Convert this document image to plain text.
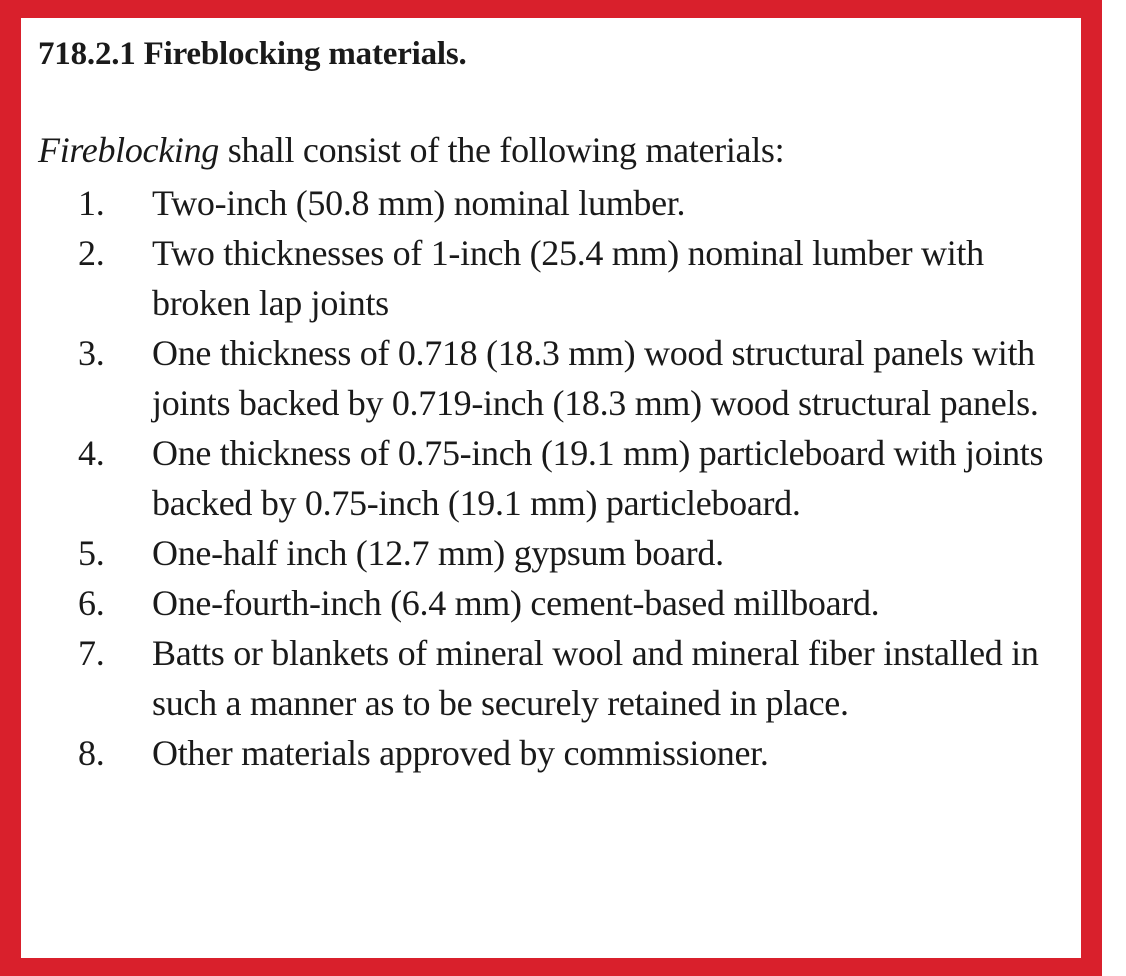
718.2.1 Fireblocking materials.

Fireblocking shall consist of the following materials:

1.	Two-inch (50.8 mm) nominal lumber.
2.	Two thicknesses of 1-inch (25.4 mm) nominal lumber with broken lap joints
3.	One thickness of 0.718 (18.3 mm) wood structural panels with joints backed by 0.719-inch (18.3 mm) wood structural panels.
4.	One thickness of 0.75-inch (19.1 mm) particleboard with joints backed by 0.75-inch (19.1 mm) particleboard.
5.	One-half inch (12.7 mm) gypsum board.
6.	One-fourth-inch (6.4 mm) cement-based millboard.
7.	Batts or blankets of mineral wool and mineral fiber installed in such a manner as to be securely retained in place.
8.	Other materials approved by commissioner.
